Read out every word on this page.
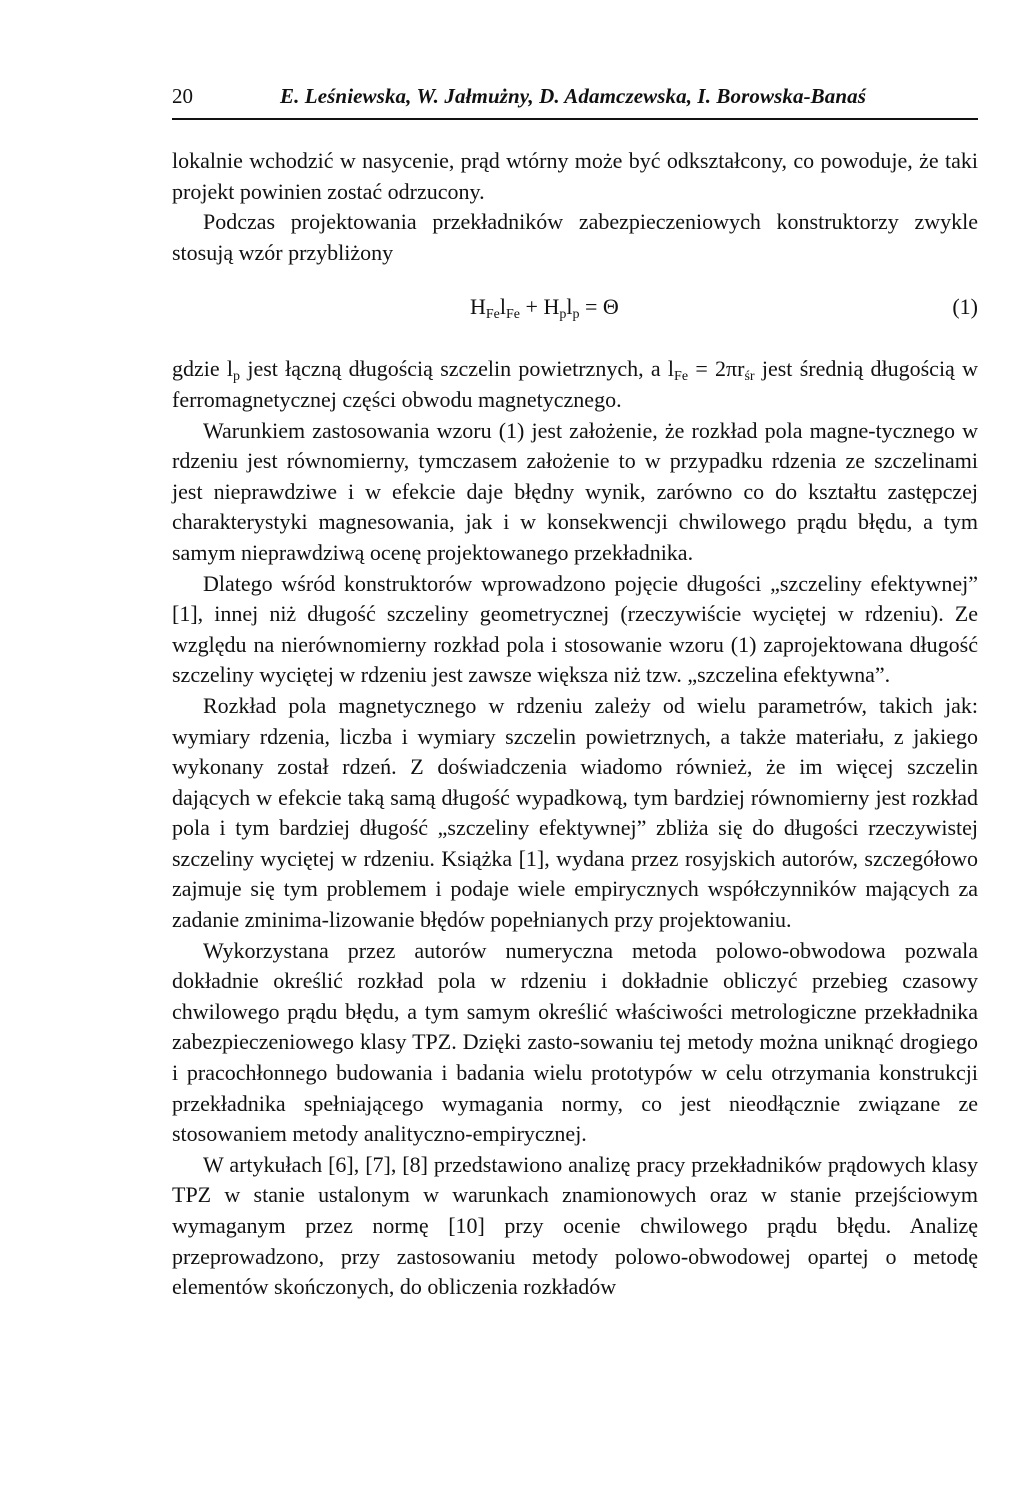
20	E. Leśniewska, W. Jałmużny, D. Adamczewska, I. Borowska-Banaś

lokalnie wchodzić w nasycenie, prąd wtórny może być odkształcony, co powoduje, że taki projekt powinien zostać odrzucony.

Podczas projektowania przekładników zabezpieczeniowych konstruktorzy zwykle stosują wzór przybliżony

$H_{Fe}l_{Fe} + H_pl_p = \Theta$	(1)

gdzie $l_p$ jest łączną długością szczelin powietrznych, a $l_{Fe} = 2\pi r_{śr}$ jest średnią długością w ferromagnetycznej części obwodu magnetycznego.

Warunkiem zastosowania wzoru (1) jest założenie, że rozkład pola magne-tycznego w rdzeniu jest równomierny, tymczasem założenie to w przypadku rdzenia ze szczelinami jest nieprawdziwe i w efekcie daje błędny wynik, zarówno co do kształtu zastępczej charakterystyki magnesowania, jak i w konsekwencji chwilowego prądu błędu, a tym samym nieprawdziwą ocenę projektowanego przekładnika.

Dlatego wśród konstruktorów wprowadzono pojęcie długości „szczeliny efektywnej” [1], innej niż długość szczeliny geometrycznej (rzeczywiście wyciętej w rdzeniu). Ze względu na nierównomierny rozkład pola i stosowanie wzoru (1) zaprojektowana długość szczeliny wyciętej w rdzeniu jest zawsze większa niż tzw. „szczelina efektywna”.

Rozkład pola magnetycznego w rdzeniu zależy od wielu parametrów, takich jak: wymiary rdzenia, liczba i wymiary szczelin powietrznych, a także materiału, z jakiego wykonany został rdzeń. Z doświadczenia wiadomo również, że im więcej szczelin dających w efekcie taką samą długość wypadkową, tym bardziej równomierny jest rozkład pola i tym bardziej długość „szczeliny efektywnej” zbliża się do długości rzeczywistej szczeliny wyciętej w rdzeniu. Książka [1], wydana przez rosyjskich autorów, szczegółowo zajmuje się tym problemem i podaje wiele empirycznych współczynników mających za zadanie zminima-lizowanie błędów popełnianych przy projektowaniu.

Wykorzystana przez autorów numeryczna metoda polowo-obwodowa pozwala dokładnie określić rozkład pola w rdzeniu i dokładnie obliczyć przebieg czasowy chwilowego prądu błędu, a tym samym określić właściwości metrologiczne przekładnika zabezpieczeniowego klasy TPZ. Dzięki zasto-sowaniu tej metody można uniknąć drogiego i pracochłonnego budowania i badania wielu prototypów w celu otrzymania konstrukcji przekładnika spełniającego wymagania normy, co jest nieodłącznie związane ze stosowaniem metody analityczno-empirycznej.

W artykułach [6], [7], [8] przedstawiono analizę pracy przekładników prądowych klasy TPZ w stanie ustalonym w warunkach znamionowych oraz w stanie przejściowym wymaganym przez normę [10] przy ocenie chwilowego prądu błędu. Analizę przeprowadzono, przy zastosowaniu metody polowo-obwodowej opartej o metodę elementów skończonych, do obliczenia rozkładów
